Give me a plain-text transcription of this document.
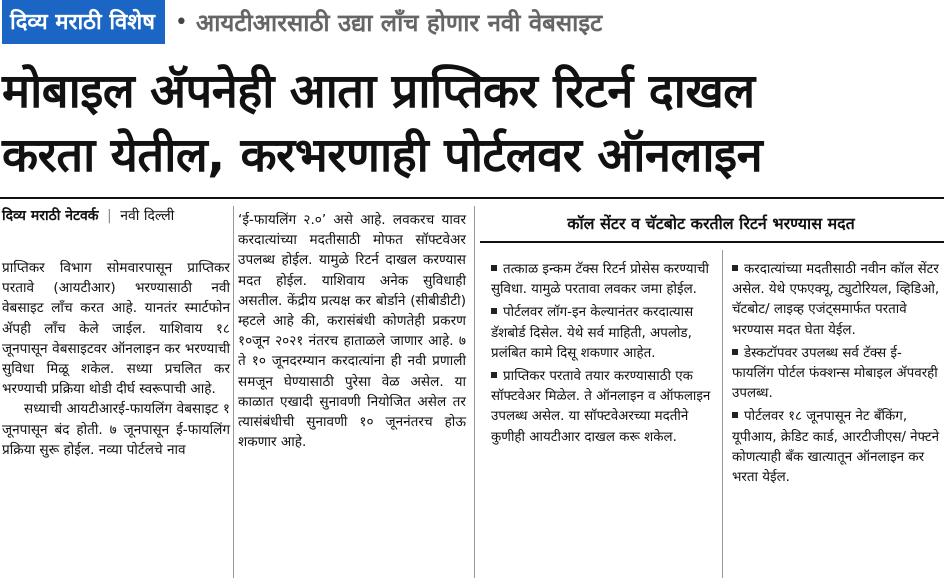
दिव्य मराठी विशेष • आयटीआरसाठी उद्या लाँच होणार नवी वेबसाइट
मोबाइल ॲपनेही आता प्राप्तिकर रिटर्न दाखल
करता येतील, करभरणाही पोर्टलवर ऑनलाइन
दिव्य मराठी नेटवर्क | नवी दिल्ली

प्राप्तिकर विभाग सोमवारपासून प्राप्तिकर परतावे (आयटीआर) भरण्यासाठी नवी वेबसाइट लाँच करत आहे. यानतंर स्मार्टफोन ॲपही लाँच केले जाईल. याशिवाय १८ जूनपासून वेबसाइटवर ऑनलाइन कर भरण्याची सुविधा मिळू शकेल. सध्या प्रचलित कर भरण्याची प्रक्रिया थोडी दीर्घ स्वरूपाची आहे.

सध्याची आयटीआरई-फायलिंग वेबसाइट १ जूनपासून बंद होती. ७ जूनपासून ई-फायलिंग प्रक्रिया सुरू होईल. नव्या पोर्टलचे नाव

‘ई-फायलिंग २.०’ असे आहे. लवकरच यावर करदात्यांच्या मदतीसाठी मोफत सॉफ्टवेअर उपलब्ध होईल. यामुळे रिटर्न दाखल करण्यास मदत होईल. याशिवाय अनेक सुविधाही असतील. केंद्रीय प्रत्यक्ष कर बोर्डाने (सीबीडीटी) म्हटले आहे की, करासंबंधी कोणतेही प्रकरण १०जून २०२१ नंतरच हाताळले जाणार आहे. ७ ते १० जूनदरम्यान करदात्यांना ही नवी प्रणाली समजून घेण्यासाठी पुरेसा वेळ असेल. या काळात एखादी सुनावणी नियोजित असेल तर त्यासंबंधीची सुनावणी १० जूननंतरच होऊ शकणार आहे.

कॉल सेंटर व चॅटबोट करतील रिटर्न भरण्यास मदत
तत्काळ इन्कम टॅक्स रिटर्न प्रोसेस करण्याची सुविधा. यामुळे परतावा लवकर जमा होईल.
पोर्टलवर लॉग-इन केल्यानंतर करदात्यास डॅशबोर्ड दिसेल. येथे सर्व माहिती, अपलोड, प्रलंबित कामे दिसू शकणार आहेत.
प्राप्तिकर परतावे तयार करण्यासाठी एक सॉफ्टवेअर मिळेल. ते ऑनलाइन व ऑफलाइन उपलब्ध असेल. या सॉफ्टवेअरच्या मदतीने कुणीही आयटीआर दाखल करू शकेल.
करदात्यांच्या मदतीसाठी नवीन कॉल सेंटर असेल. येथे एफएक्यू, ट्युटोरियल, व्हिडिओ, चॅटबोट/ लाइव्ह एजंट्समार्फत परतावे भरण्यास मदत घेता येईल.
डेस्कटॉपवर उपलब्ध सर्व टॅक्स ई-फायलिंग पोर्टल फंक्शन्स मोबाइल ॲपवरही उपलब्ध.
पोर्टलवर १८ जूनपासून नेट बँकिंग, यूपीआय, क्रेडिट कार्ड, आरटीजीएस/ नेफ्टने कोणत्याही बँक खात्यातून ऑनलाइन कर भरता येईल.
